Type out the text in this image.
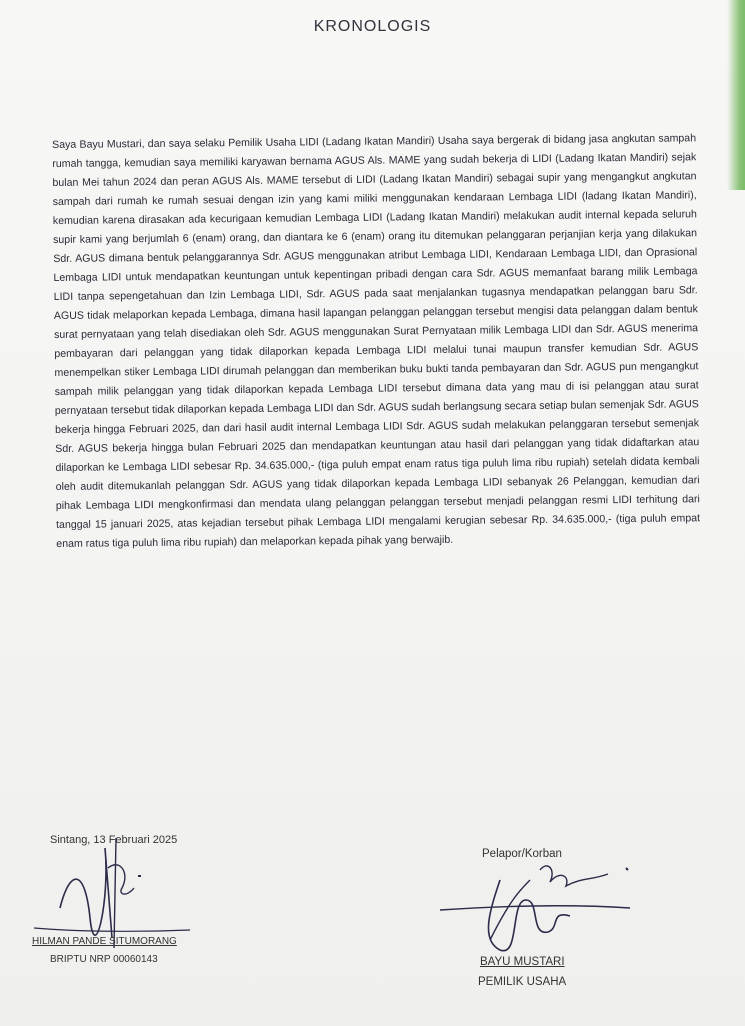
KRONOLOGIS
Saya Bayu Mustari, dan saya selaku Pemilik Usaha LIDI (Ladang Ikatan Mandiri) Usaha saya bergerak di bidang jasa angkutan sampah rumah tangga, kemudian saya memiliki karyawan bernama AGUS Als. MAME yang sudah bekerja di LIDI (Ladang Ikatan Mandiri) sejak bulan Mei tahun 2024 dan peran AGUS Als. MAME tersebut di LIDI (Ladang Ikatan Mandiri) sebagai supir yang mengangkut angkutan sampah dari rumah ke rumah sesuai dengan izin yang kami miliki menggunakan kendaraan Lembaga LIDI (ladang Ikatan Mandiri), kemudian karena dirasakan ada kecurigaan kemudian Lembaga LIDI (Ladang Ikatan Mandiri) melakukan audit internal kepada seluruh supir kami yang berjumlah 6 (enam) orang, dan diantara ke 6 (enam) orang itu ditemukan pelanggaran perjanjian kerja yang dilakukan Sdr. AGUS dimana bentuk pelanggarannya Sdr. AGUS menggunakan atribut Lembaga LIDI, Kendaraan Lembaga LIDI, dan Oprasional Lembaga LIDI untuk mendapatkan keuntungan untuk kepentingan pribadi dengan cara Sdr. AGUS memanfaat barang milik Lembaga LIDI tanpa sepengetahuan dan Izin Lembaga LIDI, Sdr. AGUS pada saat menjalankan tugasnya mendapatkan pelanggan baru Sdr. AGUS tidak melaporkan kepada Lembaga, dimana hasil lapangan pelanggan pelanggan tersebut mengisi data pelanggan dalam bentuk surat pernyataan yang telah disediakan oleh Sdr. AGUS menggunakan Surat Pernyataan milik Lembaga LIDI dan Sdr. AGUS menerima pembayaran dari pelanggan yang tidak dilaporkan kepada Lembaga LIDI melalui tunai maupun transfer kemudian Sdr. AGUS menempelkan stiker Lembaga LIDI dirumah pelanggan dan memberikan buku bukti tanda pembayaran dan Sdr. AGUS pun mengangkut sampah milik pelanggan yang tidak dilaporkan kepada Lembaga LIDI tersebut dimana data yang mau di isi pelanggan atau surat pernyataan tersebut tidak dilaporkan kepada Lembaga LIDI dan Sdr. AGUS sudah berlangsung secara setiap bulan semenjak Sdr. AGUS bekerja hingga Februari 2025, dan dari hasil audit internal Lembaga LIDI Sdr. AGUS sudah melakukan pelanggaran tersebut semenjak Sdr. AGUS bekerja hingga bulan Februari 2025 dan mendapatkan keuntungan atau hasil dari pelanggan yang tidak didaftarkan atau dilaporkan ke Lembaga LIDI sebesar Rp. 34.635.000,- (tiga puluh empat enam ratus tiga puluh lima ribu rupiah) setelah didata kembali oleh audit ditemukanlah pelanggan Sdr. AGUS yang tidak dilaporkan kepada Lembaga LIDI sebanyak 26 Pelanggan, kemudian dari pihak Lembaga LIDI mengkonfirmasi dan mendata ulang pelanggan pelanggan tersebut menjadi pelanggan resmi LIDI terhitung dari tanggal 15 januari 2025, atas kejadian tersebut pihak Lembaga LIDI mengalami kerugian sebesar Rp. 34.635.000,- (tiga puluh empat enam ratus tiga puluh lima ribu rupiah) dan melaporkan kepada pihak yang berwajib.
Sintang, 13 Februari 2025
HILMAN PANDE SITUMORANG
BRIPTU NRP 00060143
Pelapor/Korban
BAYU MUSTARI
PEMILIK USAHA
